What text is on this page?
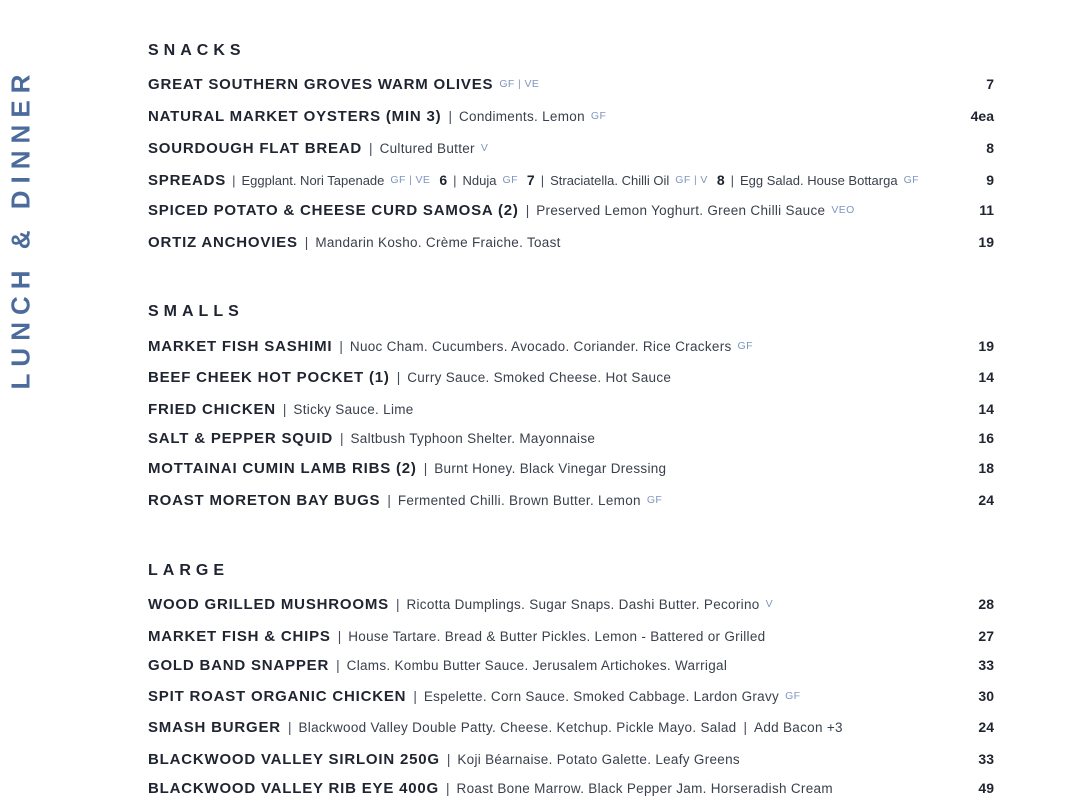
LUNCH & DINNER
SNACKS
GREAT SOUTHERN GROVES WARM OLIVES GF | VE	7
NATURAL MARKET OYSTERS (MIN 3) | Condiments. Lemon GF	4ea
SOURDOUGH FLAT BREAD | Cultured Butter V	8
SPREADS | Eggplant. Nori Tapenade GF | VE 6 | Nduja GF 7 | Straciatella. Chilli Oil GF | V 8 | Egg Salad. House Bottarga GF	9
SPICED POTATO & CHEESE CURD SAMOSA (2) | Preserved Lemon Yoghurt. Green Chilli Sauce VEO	11
ORTIZ ANCHOVIES | Mandarin Kosho. Crème Fraiche. Toast	19
SMALLS
MARKET FISH SASHIMI | Nuoc Cham. Cucumbers. Avocado. Coriander. Rice Crackers GF	19
BEEF CHEEK HOT POCKET (1) | Curry Sauce. Smoked Cheese. Hot Sauce	14
FRIED CHICKEN | Sticky Sauce. Lime	14
SALT & PEPPER SQUID | Saltbush Typhoon Shelter. Mayonnaise	16
MOTTAINAI CUMIN LAMB RIBS (2) | Burnt Honey. Black Vinegar Dressing	18
ROAST MORETON BAY BUGS | Fermented Chilli. Brown Butter. Lemon GF	24
LARGE
WOOD GRILLED MUSHROOMS | Ricotta Dumplings. Sugar Snaps. Dashi Butter. Pecorino V	28
MARKET FISH & CHIPS | House Tartare. Bread & Butter Pickles. Lemon - Battered or Grilled	27
GOLD BAND SNAPPER | Clams. Kombu Butter Sauce. Jerusalem Artichokes. Warrigal	33
SPIT ROAST ORGANIC CHICKEN | Espelette. Corn Sauce. Smoked Cabbage. Lardon Gravy GF	30
SMASH BURGER | Blackwood Valley Double Patty. Cheese. Ketchup. Pickle Mayo. Salad | Add Bacon +3	24
BLACKWOOD VALLEY SIRLOIN 250G | Koji Béarnaise. Potato Galette. Leafy Greens	33
BLACKWOOD VALLEY RIB EYE 400G | Roast Bone Marrow. Black Pepper Jam. Horseradish Cream	49
